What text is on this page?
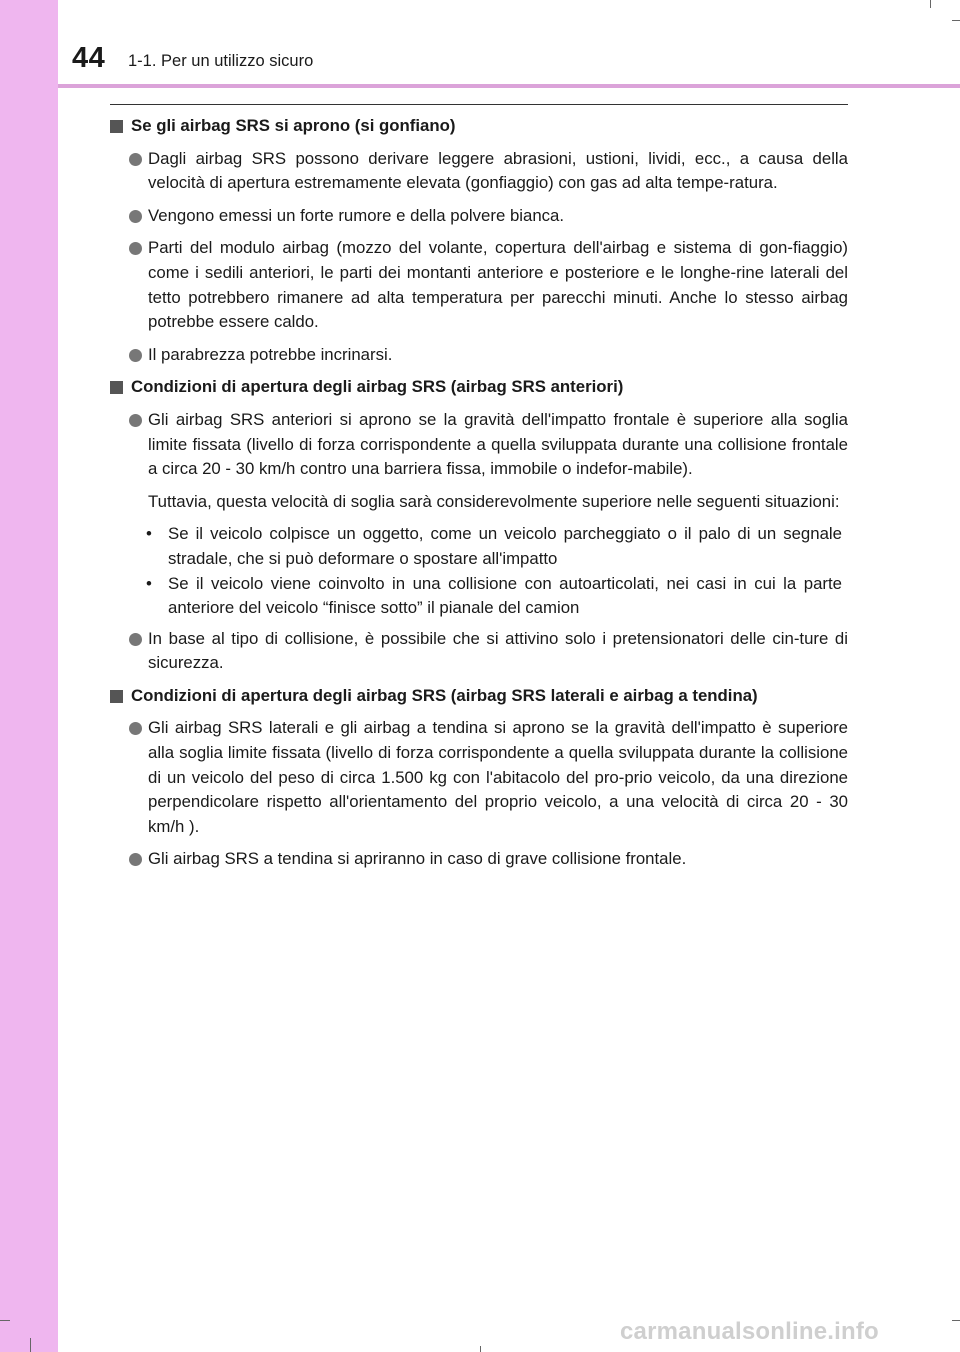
44 1-1. Per un utilizzo sicuro
Se gli airbag SRS si aprono (si gonfiano)
Dagli airbag SRS possono derivare leggere abrasioni, ustioni, lividi, ecc., a causa della velocità di apertura estremamente elevata (gonfiaggio) con gas ad alta tempe-ratura.
Vengono emessi un forte rumore e della polvere bianca.
Parti del modulo airbag (mozzo del volante, copertura dell'airbag e sistema di gon-fiaggio) come i sedili anteriori, le parti dei montanti anteriore e posteriore e le longhe-rine laterali del tetto potrebbero rimanere ad alta temperatura per parecchi minuti. Anche lo stesso airbag potrebbe essere caldo.
Il parabrezza potrebbe incrinarsi.
Condizioni di apertura degli airbag SRS (airbag SRS anteriori)
Gli airbag SRS anteriori si aprono se la gravità dell'impatto frontale è superiore alla soglia limite fissata (livello di forza corrispondente a quella sviluppata durante una collisione frontale a circa 20 - 30 km/h contro una barriera fissa, immobile o indefor-mabile).
Tuttavia, questa velocità di soglia sarà considerevolmente superiore nelle seguenti situazioni:
• Se il veicolo colpisce un oggetto, come un veicolo parcheggiato o il palo di un segnale stradale, che si può deformare o spostare all'impatto
• Se il veicolo viene coinvolto in una collisione con autoarticolati, nei casi in cui la parte anteriore del veicolo “finisce sotto” il pianale del camion
In base al tipo di collisione, è possibile che si attivino solo i pretensionatori delle cin-ture di sicurezza.
Condizioni di apertura degli airbag SRS (airbag SRS laterali e airbag a tendina)
Gli airbag SRS laterali e gli airbag a tendina si aprono se la gravità dell'impatto è superiore alla soglia limite fissata (livello di forza corrispondente a quella sviluppata durante la collisione di un veicolo del peso di circa 1.500 kg con l'abitacolo del pro-prio veicolo, da una direzione perpendicolare rispetto all'orientamento del proprio veicolo, a una velocità di circa 20 - 30 km/h ).
Gli airbag SRS a tendina si apriranno in caso di grave collisione frontale.
carmanualsonline.info
